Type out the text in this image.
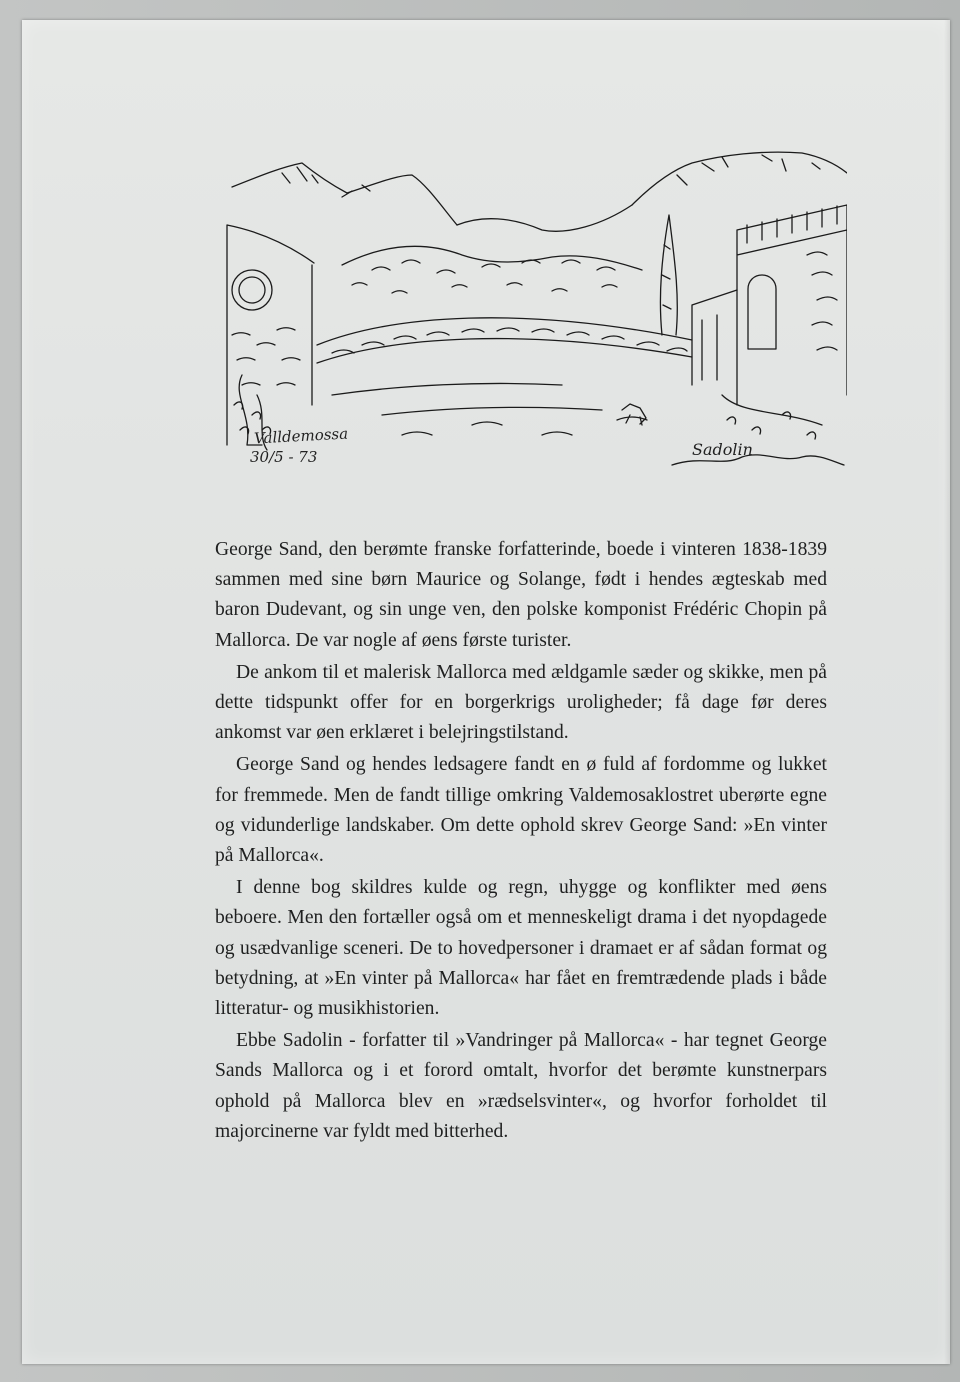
Valldemossa
30/5 - 73	Sadolin

George Sand, den berømte franske forfatterinde, boede i vinteren 1838-1839 sammen med sine børn Maurice og Solange, født i hendes ægteskab med baron Dudevant, og sin unge ven, den polske komponist Frédéric Chopin på Mallorca. De var nogle af øens første turister.

De ankom til et malerisk Mallorca med ældgamle sæder og skikke, men på dette tidspunkt offer for en borgerkrigs uroligheder; få dage før deres ankomst var øen erklæret i belejringstilstand.

George Sand og hendes ledsagere fandt en ø fuld af fordomme og lukket for fremmede. Men de fandt tillige omkring Valdemosaklostret uberørte egne og vidunderlige landskaber. Om dette ophold skrev George Sand: »En vinter på Mallorca«.

I denne bog skildres kulde og regn, uhygge og konflikter med øens beboere. Men den fortæller også om et menneskeligt drama i det nyopdagede og usædvanlige sceneri. De to hovedpersoner i dramaet er af sådan format og betydning, at »En vinter på Mallorca« har fået en fremtrædende plads i både litteratur- og musikhistorien.

Ebbe Sadolin - forfatter til »Vandringer på Mallorca« - har tegnet George Sands Mallorca og i et forord omtalt, hvorfor det berømte kunstnerpars ophold på Mallorca blev en »rædselsvinter«, og hvorfor forholdet til majorcinerne var fyldt med bitterhed.
